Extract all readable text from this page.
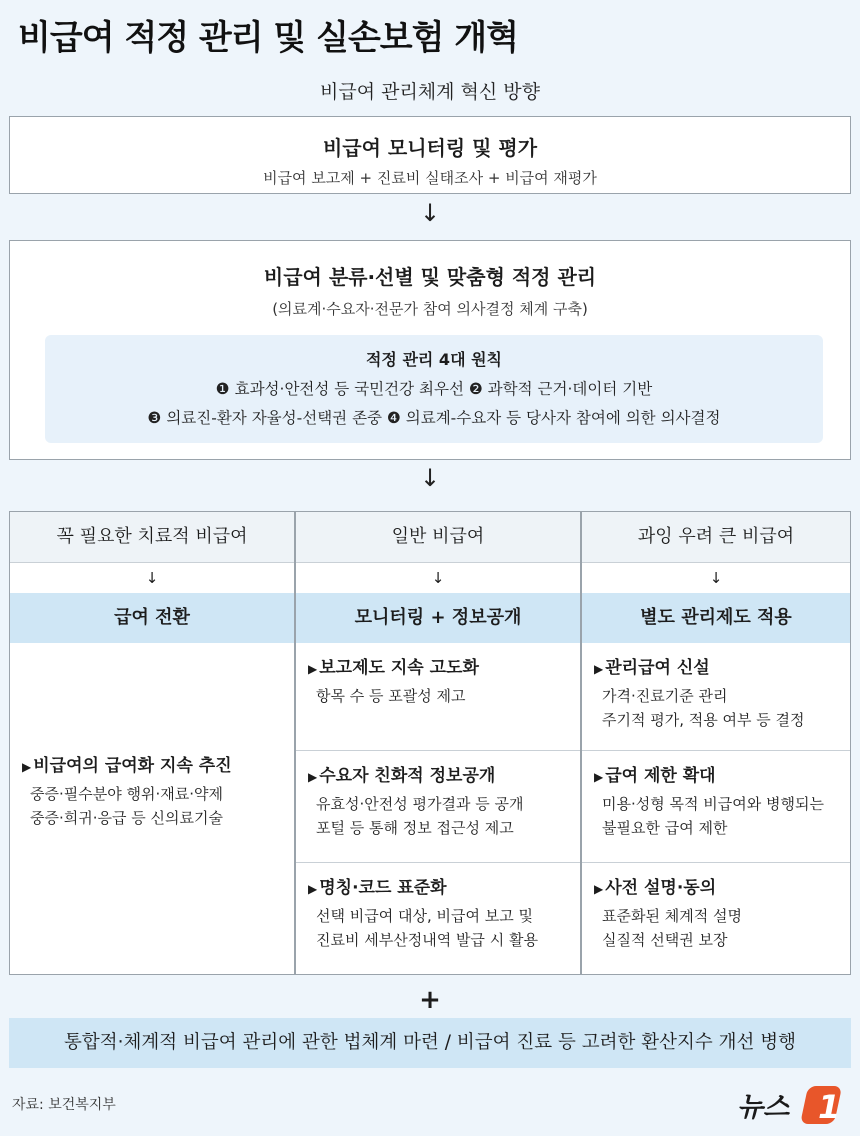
비급여 적정 관리 및 실손보험 개혁
비급여 관리체계 혁신 방향
비급여 모니터링 및 평가
비급여 보고제 + 진료비 실태조사 + 비급여 재평가
↓
비급여 분류·선별 및 맞춤형 적정 관리
(의료계·수요자·전문가 참여 의사결정 체계 구축)
적정 관리 4대 원칙
❶ 효과성·안전성 등 국민건강 최우선 ❷ 과학적 근거·데이터 기반
❸ 의료진-환자 자율성-선택권 존중 ❹ 의료계-수요자 등 당사자 참여에 의한 의사결정
↓
꼭 필요한 치료적 비급여
↓
급여 전환
▶ 비급여의 급여화 지속 추진
중증·필수분야 행위·재료·약제
중증·희귀·응급 등 신의료기술
일반 비급여
↓
모니터링 + 정보공개
▶ 보고제도 지속 고도화
항목 수 등 포괄성 제고
▶ 수요자 친화적 정보공개
유효성·안전성 평가결과 등 공개
포털 등 통해 정보 접근성 제고
▶ 명칭·코드 표준화
선택 비급여 대상, 비급여 보고 및
진료비 세부산정내역 발급 시 활용
과잉 우려 큰 비급여
↓
별도 관리제도 적용
▶ 관리급여 신설
가격·진료기준 관리
주기적 평가, 적용 여부 등 결정
▶ 급여 제한 확대
미용·성형 목적 비급여와 병행되는
불필요한 급여 제한
▶ 사전 설명·동의
표준화된 체계적 설명
실질적 선택권 보장
+
통합적·체계적 비급여 관리에 관한 법체계 마련 / 비급여 진료 등 고려한 환산지수 개선 병행
자료: 보건복지부	뉴스 1
